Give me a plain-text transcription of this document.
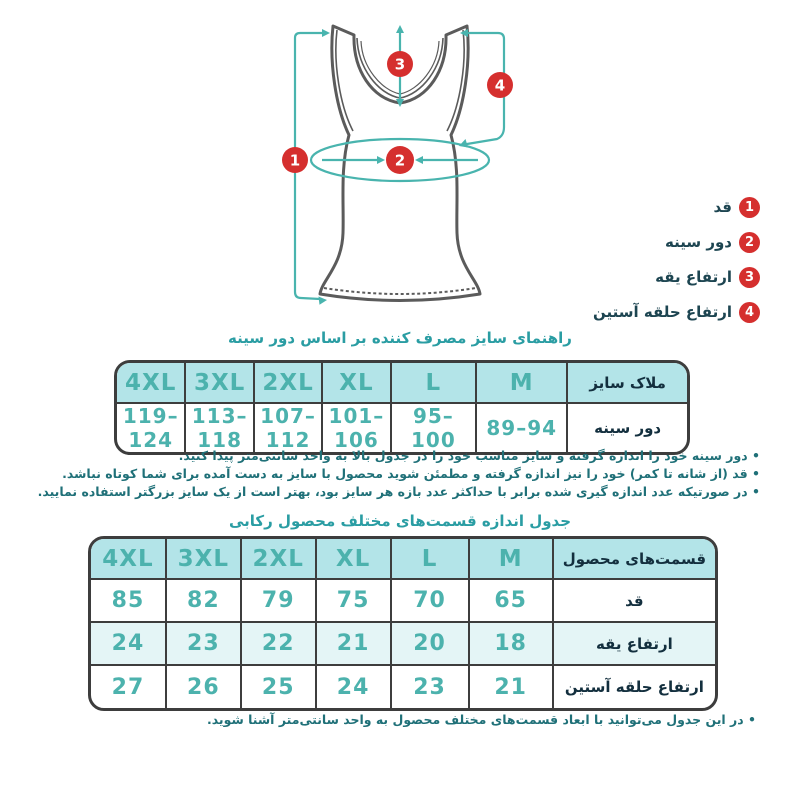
1	2
3
4
1
قد
2
دور سینه
3
ارتفاع یقه
4
ارتفاع حلقه آستین
راهنمای سایز مصرف کننده بر اساس دور سینه
ملاک سایز	M	L	XL	2XL	3XL	4XL
دور سینه	89–94	95–100	101–106	107–112	113–118	119–124
• دور سینه خود را اندازه گرفته و سایز مناسب خود را در جدول بالا به واحد سانتی‌متر پیدا کنید.
• قد (از شانه تا کمر) خود را نیز اندازه گرفته و مطمئن شوید محصول با سایز به دست آمده برای شما کوتاه نباشد.
• در صورتیکه عدد اندازه گیری شده برابر با حداکثر عدد بازه هر سایز بود، بهتر است از یک سایز بزرگتر استفاده نمایید.
جدول اندازه قسمت‌های مختلف محصول رکابی
قسمت‌های محصول	M	L	XL	2XL	3XL	4XL
قد	65	70	75	79	82	85
ارتفاع یقه	18	20	21	22	23	24
ارتفاع حلقه آستین	21	23	24	25	26	27
• در این جدول می‌توانید با ابعاد قسمت‌های مختلف محصول به واحد سانتی‌متر آشنا شوید.
